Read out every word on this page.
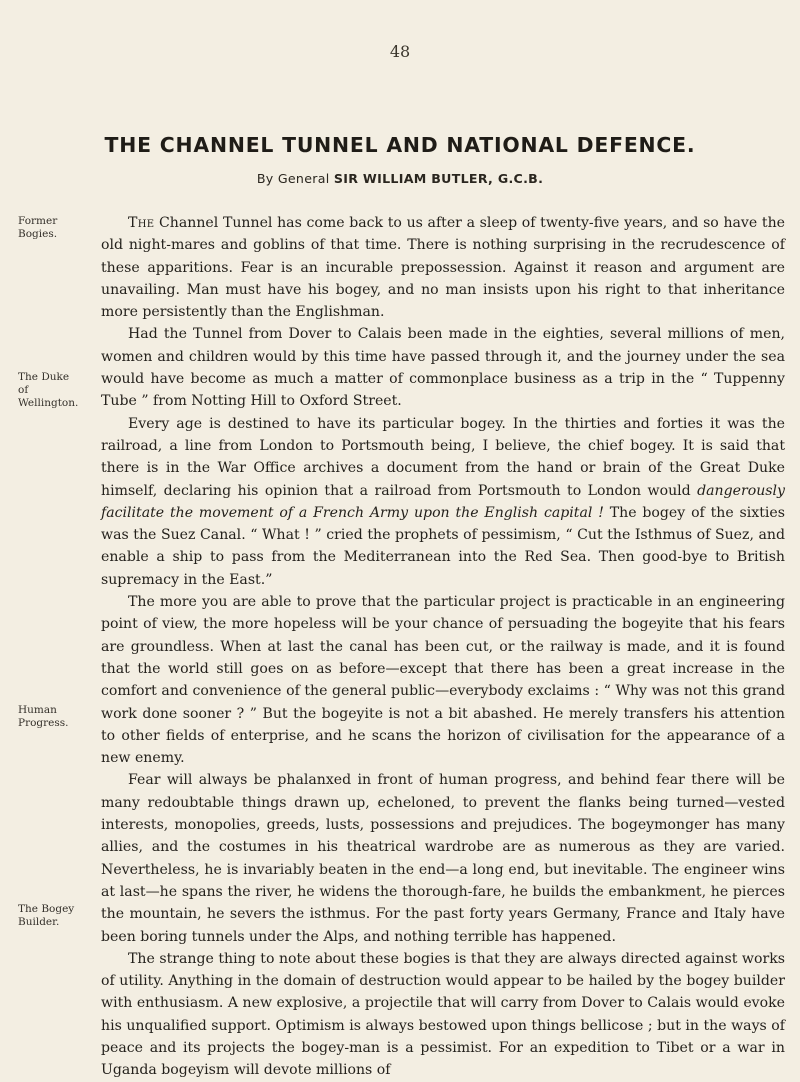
48
THE CHANNEL TUNNEL AND NATIONAL DEFENCE.
By General SIR WILLIAM BUTLER, G.C.B.
Former Bogies.
The Duke of Wellington.
Human Progress.
The Bogey Builder.

The Channel Tunnel has come back to us after a sleep of twenty-five years, and so have the old night-mares and goblins of that time. There is nothing surprising in the recrudescence of these apparitions. Fear is an incurable prepossession. Against it reason and argument are unavailing. Man must have his bogey, and no man insists upon his right to that inheritance more persistently than the Englishman.

Had the Tunnel from Dover to Calais been made in the eighties, several millions of men, women and children would by this time have passed through it, and the journey under the sea would have become as much a matter of commonplace business as a trip in the “ Tuppenny Tube ” from Notting Hill to Oxford Street.

Every age is destined to have its particular bogey. In the thirties and forties it was the railroad, a line from London to Portsmouth being, I believe, the chief bogey. It is said that there is in the War Office archives a document from the hand or brain of the Great Duke himself, declaring his opinion that a railroad from Portsmouth to London would dangerously facilitate the movement of a French Army upon the English capital ! The bogey of the sixties was the Suez Canal. “ What ! ” cried the prophets of pessimism, “ Cut the Isthmus of Suez, and enable a ship to pass from the Mediterranean into the Red Sea. Then good-bye to British supremacy in the East.”

The more you are able to prove that the particular project is practicable in an engineering point of view, the more hopeless will be your chance of persuading the bogeyite that his fears are groundless. When at last the canal has been cut, or the railway is made, and it is found that the world still goes on as before—except that there has been a great increase in the comfort and convenience of the general public—everybody exclaims : “ Why was not this grand work done sooner ? ” But the bogeyite is not a bit abashed. He merely transfers his attention to other fields of enterprise, and he scans the horizon of civilisation for the appearance of a new enemy.

Fear will always be phalanxed in front of human progress, and behind fear there will be many redoubtable things drawn up, echeloned, to prevent the flanks being turned—vested interests, monopolies, greeds, lusts, possessions and prejudices. The bogeymonger has many allies, and the costumes in his theatrical wardrobe are as numerous as they are varied. Nevertheless, he is invariably beaten in the end—a long end, but inevitable. The engineer wins at last—he spans the river, he widens the thorough-fare, he builds the embankment, he pierces the mountain, he severs the isthmus. For the past forty years Germany, France and Italy have been boring tunnels under the Alps, and nothing terrible has happened.

The strange thing to note about these bogies is that they are always directed against works of utility. Anything in the domain of destruction would appear to be hailed by the bogey builder with enthusiasm. A new explosive, a projectile that will carry from Dover to Calais would evoke his unqualified support. Optimism is always bestowed upon things bellicose ; but in the ways of peace and its projects the bogey-man is a pessimist. For an expedition to Tibet or a war in Uganda bogeyism will devote millions of
